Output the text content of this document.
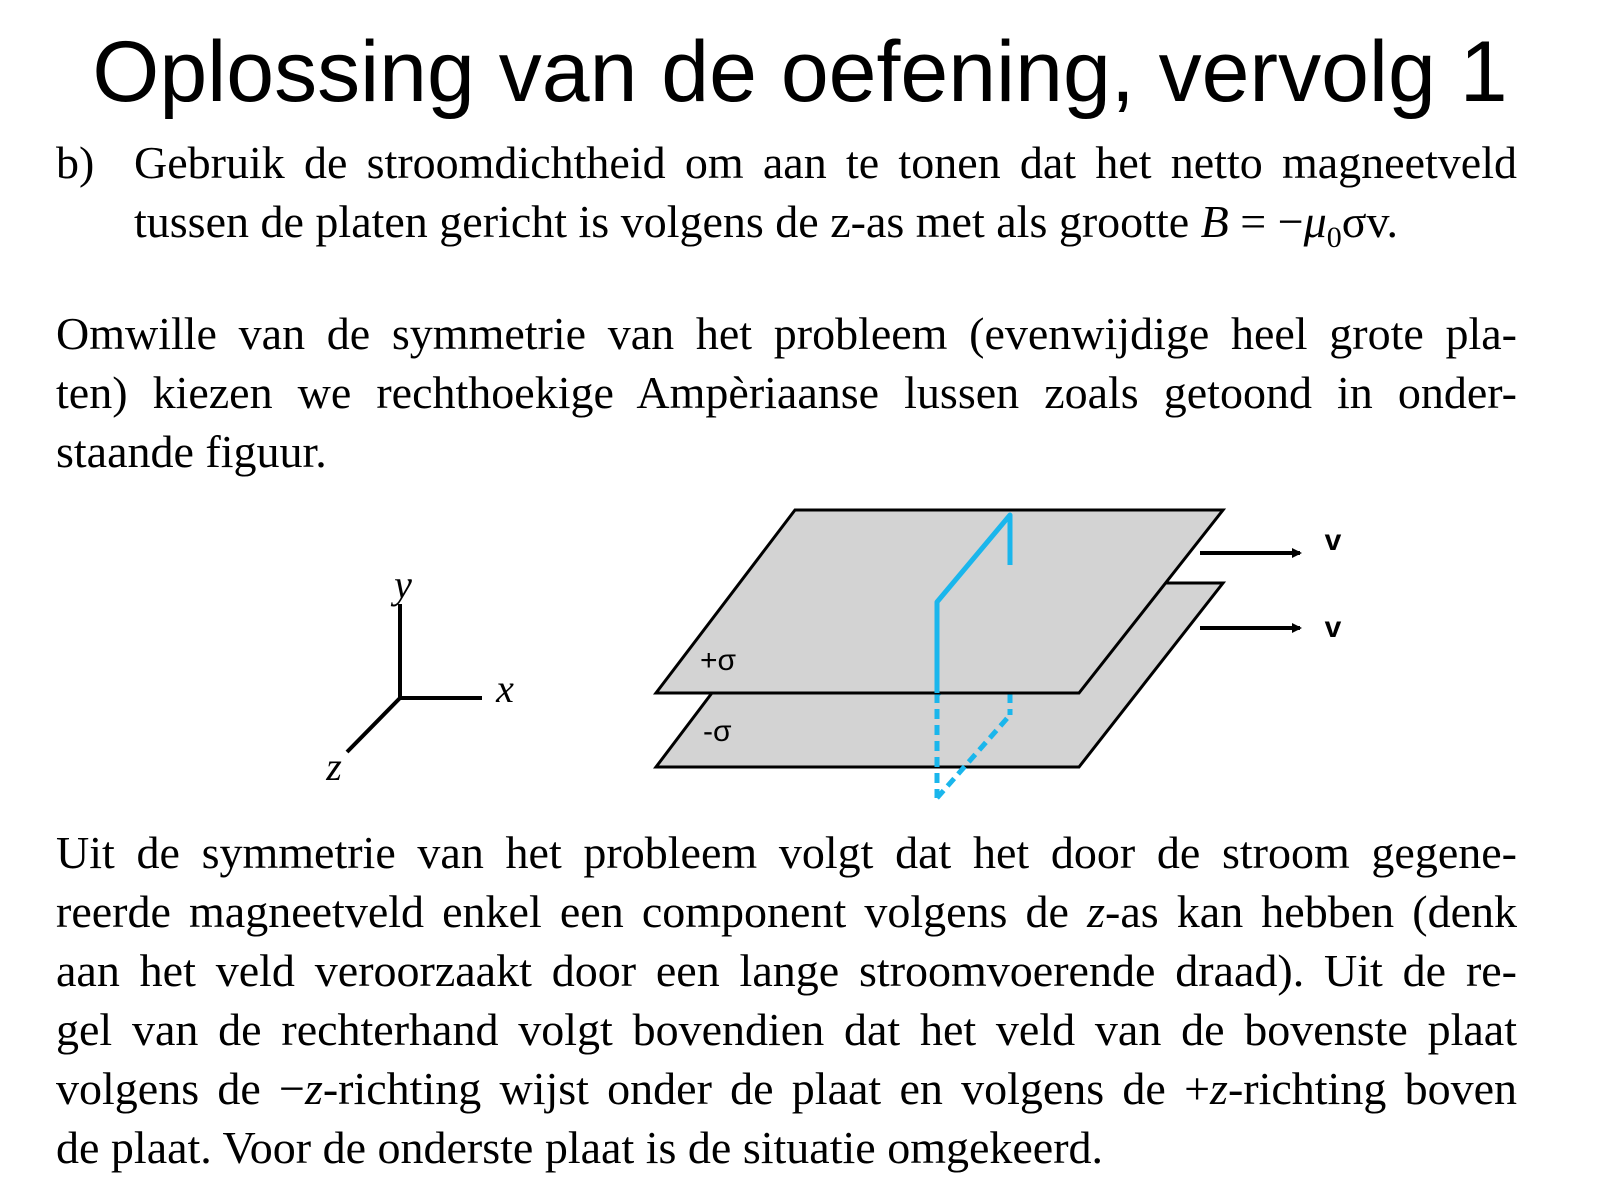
Oplossing van de oefening, vervolg 1
b) Gebruik de stroomdichtheid om aan te tonen dat het netto magneetveld
tussen de platen gericht is volgens de z-as met als grootte $B = -\mu_0\sigma v$.
Omwille van de symmetrie van het probleem (evenwijdige heel grote pla-
ten) kiezen we rechthoekige Ampèriaanse lussen zoals getoond in onder-
staande figuur.
y
x
z
-σ
+σ
v
v
Uit de symmetrie van het probleem volgt dat het door de stroom gegene-
reerde magneetveld enkel een component volgens de z-as kan hebben (denk
aan het veld veroorzaakt door een lange stroomvoerende draad). Uit de re-
gel van de rechterhand volgt bovendien dat het veld van de bovenste plaat
volgens de −z-richting wijst onder de plaat en volgens de +z-richting boven
de plaat. Voor de onderste plaat is de situatie omgekeerd.
